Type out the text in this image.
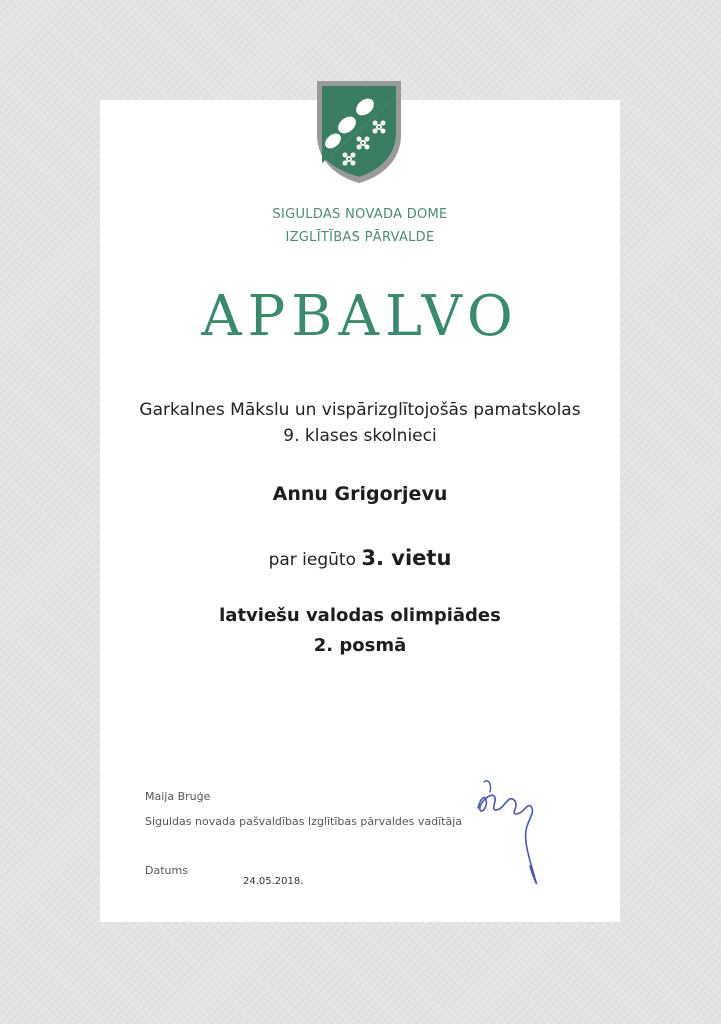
SIGULDAS NOVADA DOME
IZGLĪTĪBAS PĀRVALDE
APBALVO
Garkalnes Mākslu un vispārizglītojošās pamatskolas
9. klases skolnieci
Annu Grigorjevu
par iegūto 3. vietu
latviešu valodas olimpiādes
2. posmā
Maija Bruģe
Siguldas novada pašvaldības Izglītības pārvaldes vadītāja
Datums
24.05.2018.
